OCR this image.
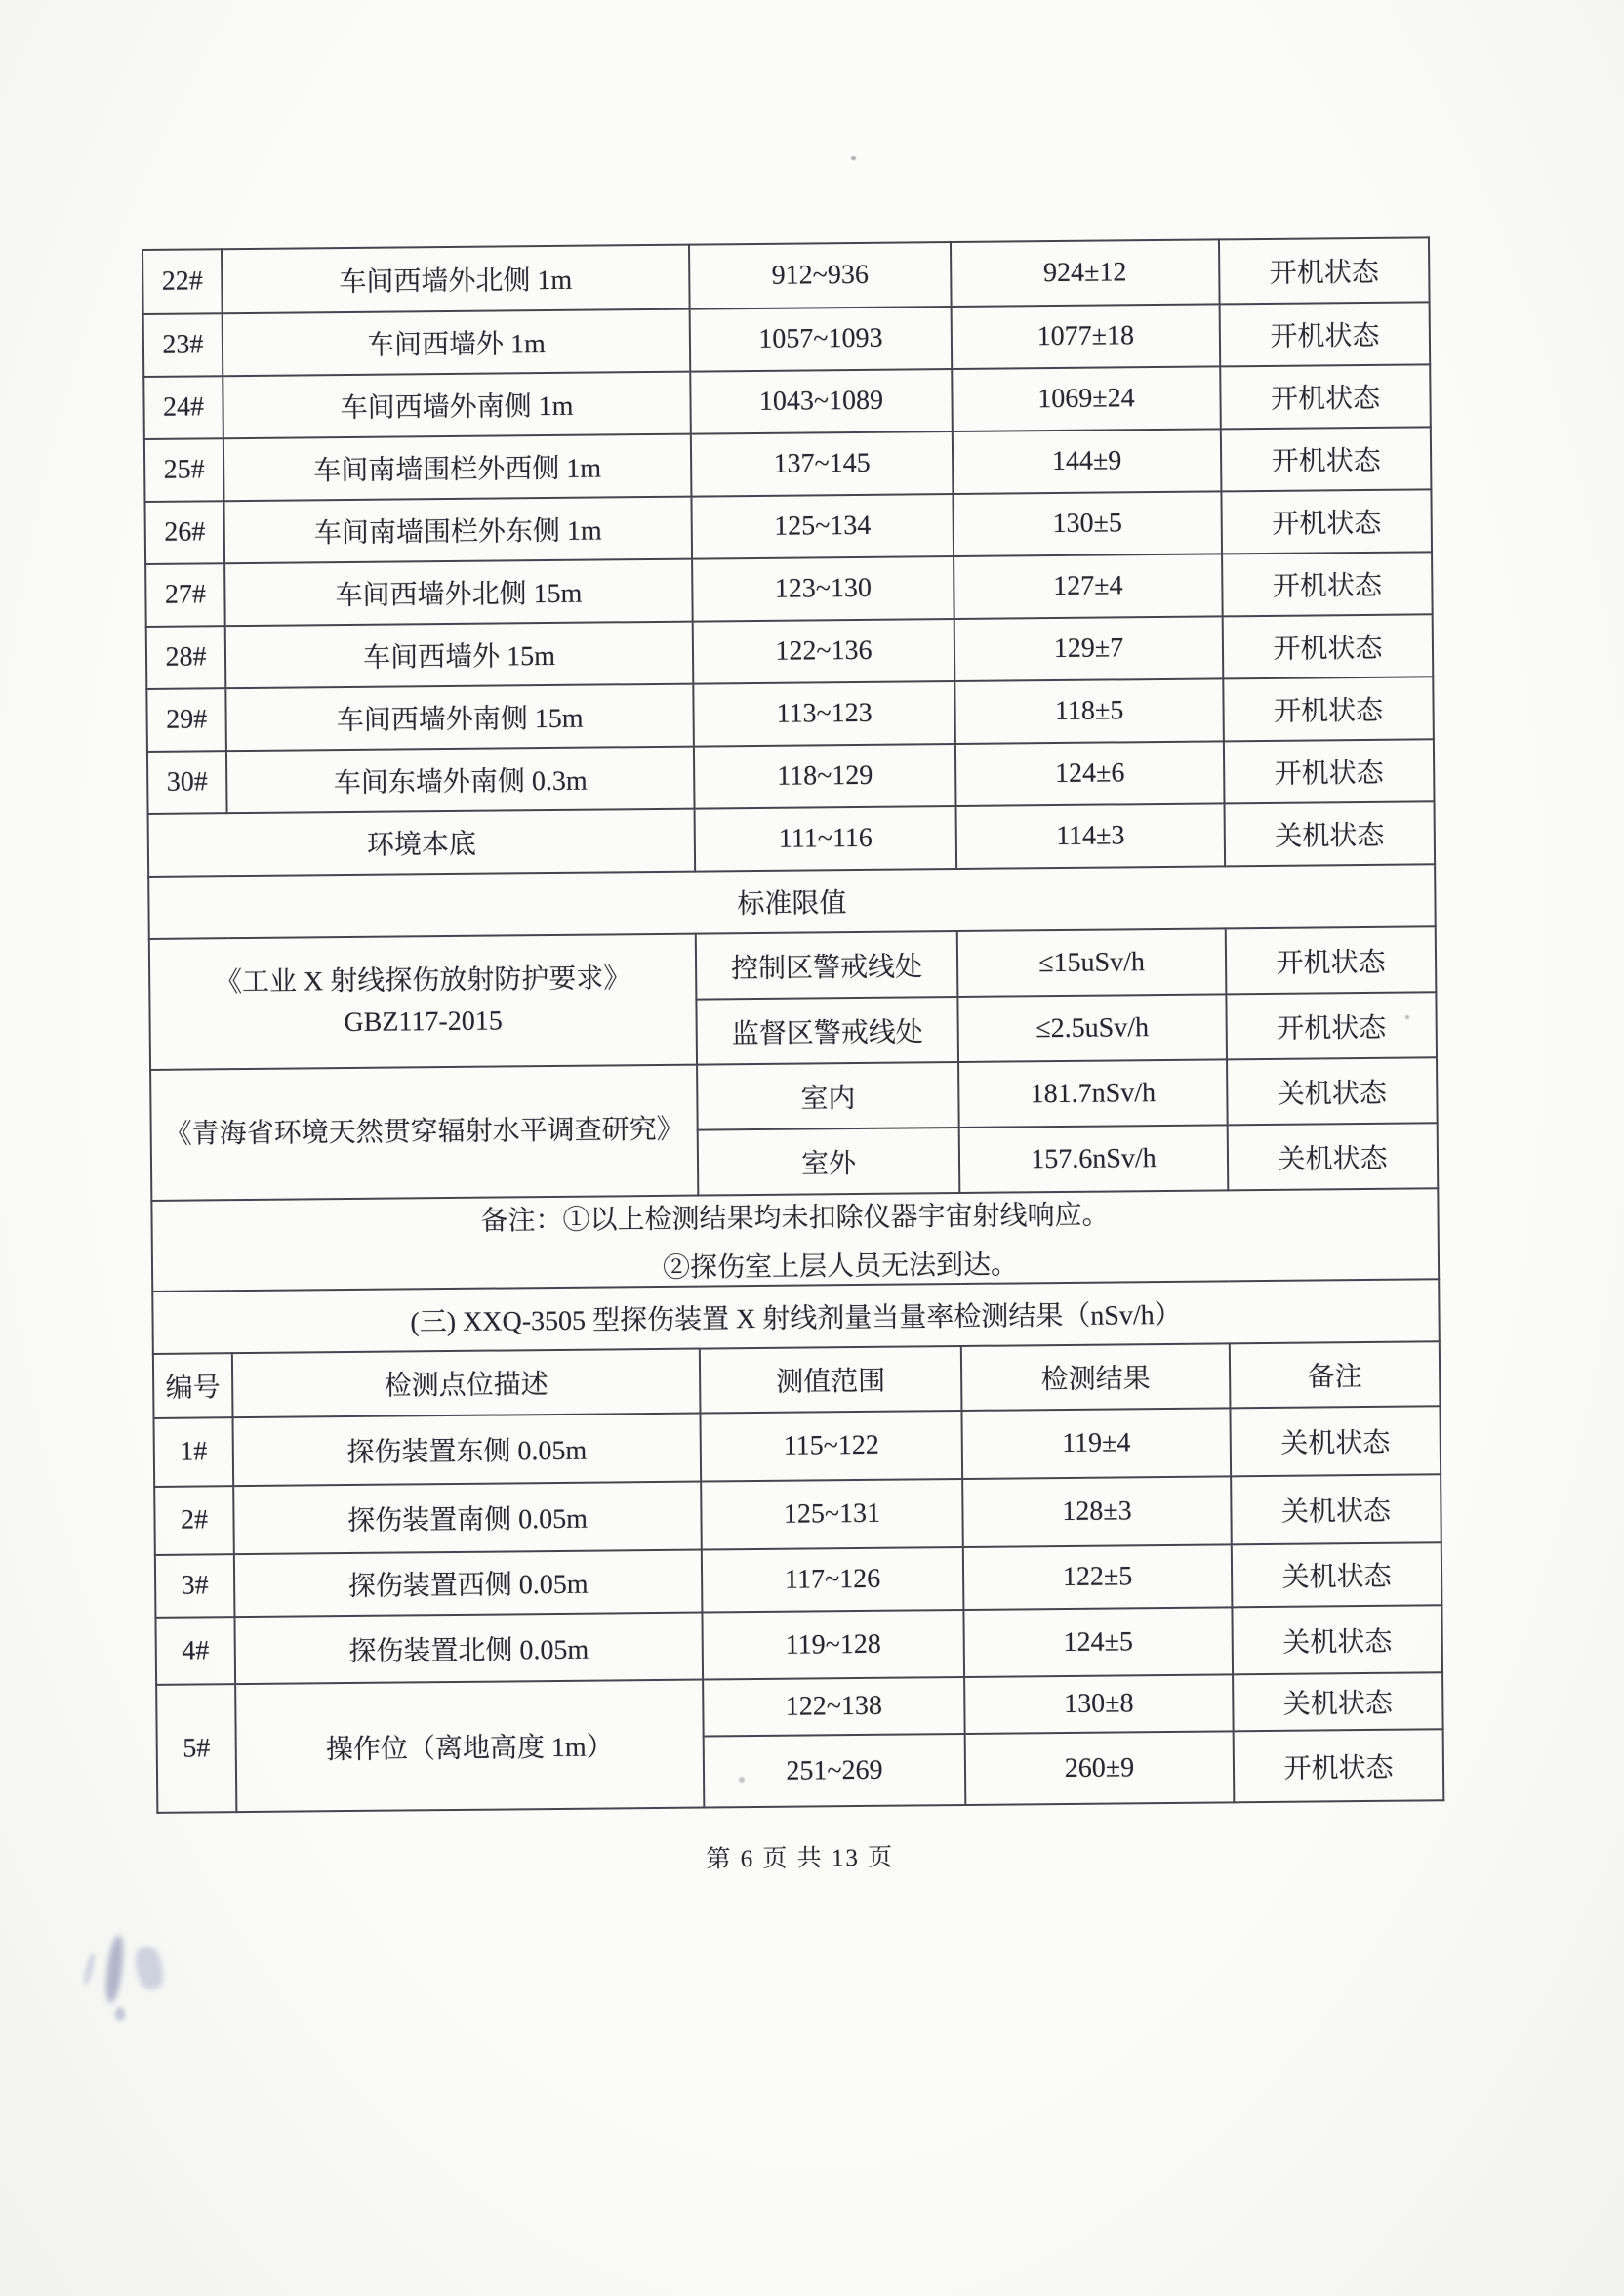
22#	车间西墙外北侧 1m	912~936	924±12	开机状态
23#	车间西墙外 1m	1057~1093	1077±18	开机状态
24#	车间西墙外南侧 1m	1043~1089	1069±24	开机状态
25#	车间南墙围栏外西侧 1m	137~145	144±9	开机状态
26#	车间南墙围栏外东侧 1m	125~134	130±5	开机状态
27#	车间西墙外北侧 15m	123~130	127±4	开机状态
28#	车间西墙外 15m	122~136	129±7	开机状态
29#	车间西墙外南侧 15m	113~123	118±5	开机状态
30#	车间东墙外南侧 0.3m	118~129	124±6	开机状态
环境本底		111~116	114±3	关机状态
标准限值				

《工业 X 射线探伤放射防护要求》
GBZ117-2015		控制区警戒线处	≤15uSv/h	开机状态
		监督区警戒线处	≤2.5uSv/h	开机状态

《青海省环境天然贯穿辐射水平调查研究》		室内	181.7nSv/h	关机状态
		室外	157.6nSv/h	关机状态

备注：①以上检测结果均未扣除仪器宇宙射线响应。
②探伤室上层人员无法到达。				

(三) XXQ-3505 型探伤装置 X 射线剂量当量率检测结果（nSv/h）				
编号	检测点位描述	测值范围	检测结果	备注
1#	探伤装置东侧 0.05m	115~122	119±4	关机状态
2#	探伤装置南侧 0.05m	125~131	128±3	关机状态
3#	探伤装置西侧 0.05m	117~126	122±5	关机状态
4#	探伤装置北侧 0.05m	119~128	124±5	关机状态
5#	操作位（离地高度 1m）	122~138	130±8	关机状态
		251~269	260±9	开机状态
第 6 页 共 13 页
